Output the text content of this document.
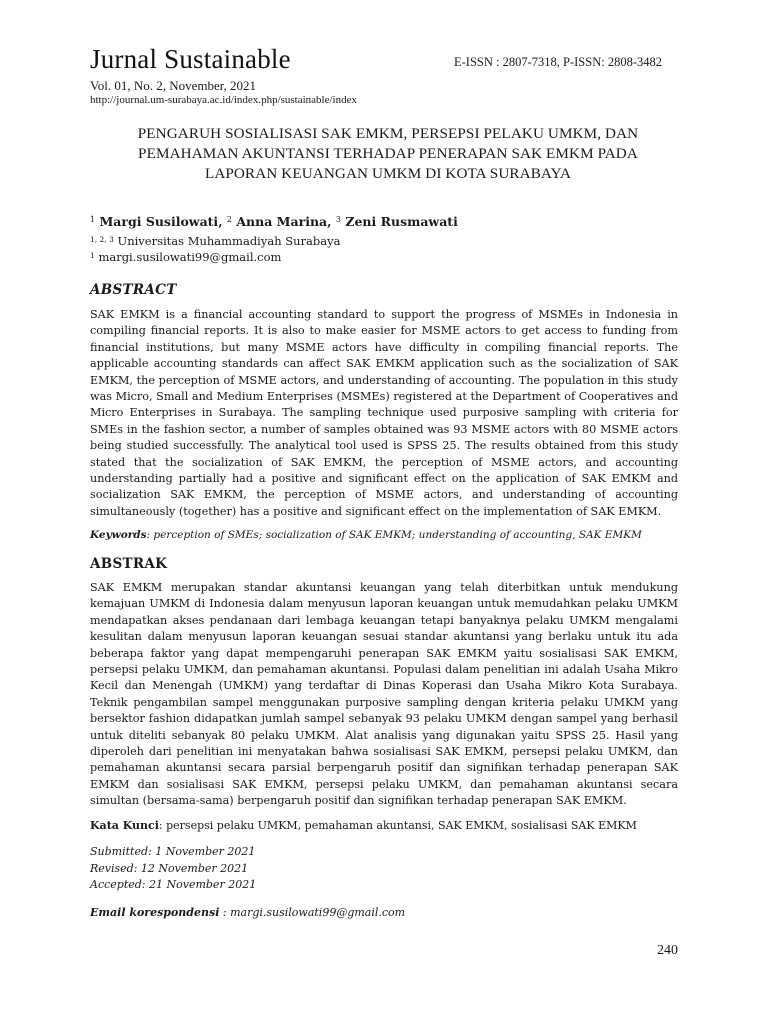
Jurnal Sustainable	E-ISSN : 2807-7318, P-ISSN: 2808-3482
Vol. 01, No. 2, November, 2021
http://journal.um-surabaya.ac.id/index.php/sustainable/index
PENGARUH SOSIALISASI SAK EMKM, PERSEPSI PELAKU UMKM, DAN
PEMAHAMAN AKUNTANSI TERHADAP PENERAPAN SAK EMKM PADA
LAPORAN KEUANGAN UMKM DI KOTA SURABAYA
$^1$ Margi Susilowati, $^2$ Anna Marina, $^3$ Zeni Rusmawati
$^{1, 2, 3}$ Universitas Muhammadiyah Surabaya
$^1$ margi.susilowati99@gmail.com
ABSTRACT
SAK EMKM is a financial accounting standard to support the progress of MSMEs in Indonesia in compiling financial reports. It is also to make easier for MSME actors to get access to funding from financial institutions, but many MSME actors have difficulty in compiling financial reports. The applicable accounting standards can affect SAK EMKM application such as the socialization of SAK EMKM, the perception of MSME actors, and understanding of accounting. The population in this study was Micro, Small and Medium Enterprises (MSMEs) registered at the Department of Cooperatives and Micro Enterprises in Surabaya. The sampling technique used purposive sampling with criteria for SMEs in the fashion sector, a number of samples obtained was 93 MSME actors with 80 MSME actors being studied successfully. The analytical tool used is SPSS 25. The results obtained from this study stated that the socialization of SAK EMKM, the perception of MSME actors, and accounting understanding partially had a positive and significant effect on the application of SAK EMKM and socialization SAK EMKM, the perception of MSME actors, and understanding of accounting simultaneously (together) has a positive and significant effect on the implementation of SAK EMKM.
Keywords: perception of SMEs; socialization of SAK EMKM; understanding of accounting, SAK EMKM
ABSTRAK
SAK EMKM merupakan standar akuntansi keuangan yang telah diterbitkan untuk mendukung kemajuan UMKM di Indonesia dalam menyusun laporan keuangan untuk memudahkan pelaku UMKM mendapatkan akses pendanaan dari lembaga keuangan tetapi banyaknya pelaku UMKM mengalami kesulitan dalam menyusun laporan keuangan sesuai standar akuntansi yang berlaku untuk itu ada beberapa faktor yang dapat mempengaruhi penerapan SAK EMKM yaitu sosialisasi SAK EMKM, persepsi pelaku UMKM, dan pemahaman akuntansi. Populasi dalam penelitian ini adalah Usaha Mikro Kecil dan Menengah (UMKM) yang terdaftar di Dinas Koperasi dan Usaha Mikro Kota Surabaya. Teknik pengambilan sampel menggunakan purposive sampling dengan kriteria pelaku UMKM yang bersektor fashion didapatkan jumlah sampel sebanyak 93 pelaku UMKM dengan sampel yang berhasil untuk diteliti sebanyak 80 pelaku UMKM. Alat analisis yang digunakan yaitu SPSS 25. Hasil yang diperoleh dari penelitian ini menyatakan bahwa sosialisasi SAK EMKM, persepsi pelaku UMKM, dan pemahaman akuntansi secara parsial berpengaruh positif dan signifikan terhadap penerapan SAK EMKM dan sosialisasi SAK EMKM, persepsi pelaku UMKM, dan pemahaman akuntansi secara simultan (bersama-sama) berpengaruh positif dan signifikan terhadap penerapan SAK EMKM.
Kata Kunci: persepsi pelaku UMKM, pemahaman akuntansi, SAK EMKM, sosialisasi SAK EMKM
Submitted: 1 November 2021
Revised: 12 November 2021
Accepted: 21 November 2021
Email korespondensi : margi.susilowati99@gmail.com
240
